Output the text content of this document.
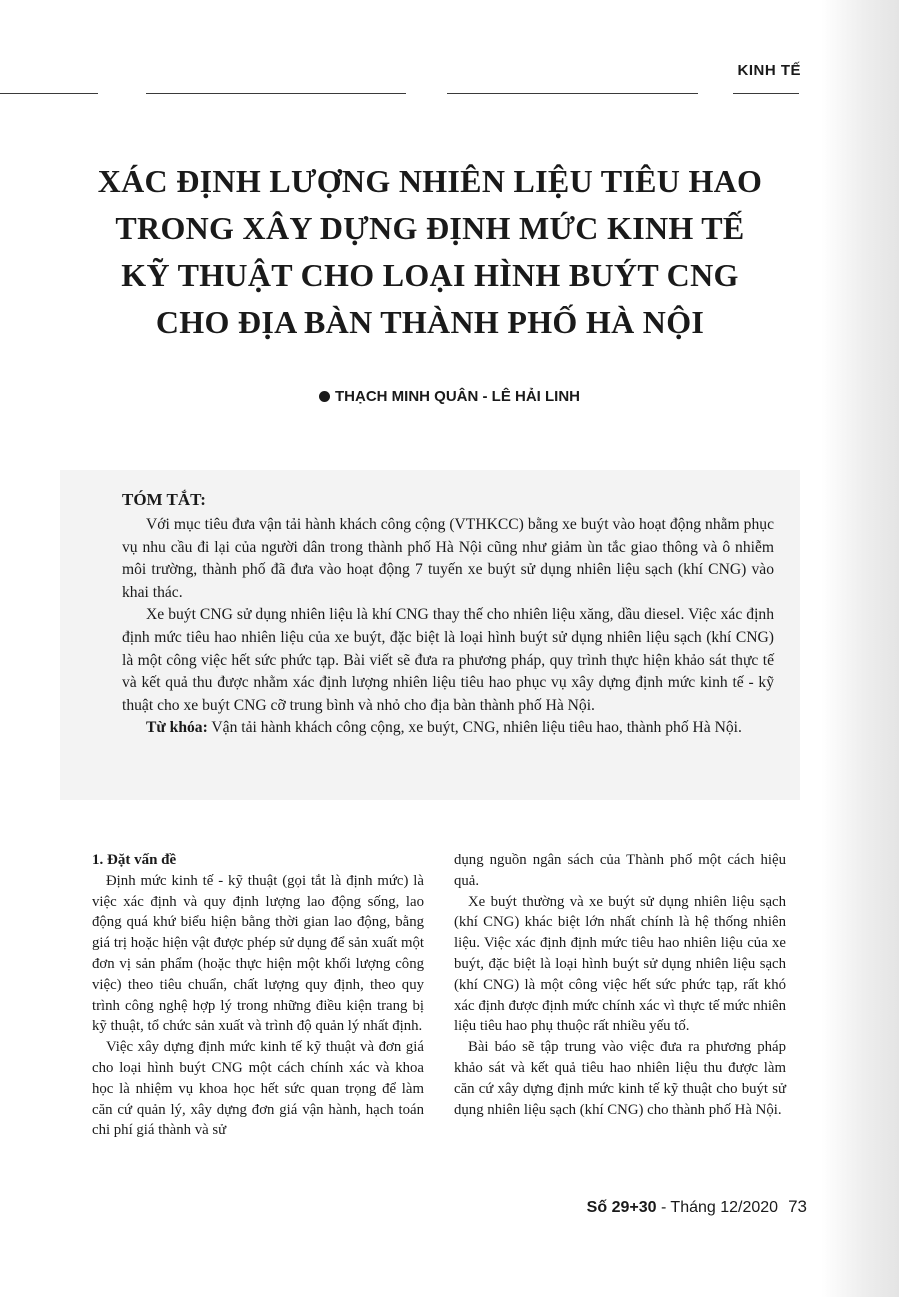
KINH TẾ
XÁC ĐỊNH LƯỢNG NHIÊN LIỆU TIÊU HAO
TRONG XÂY DỰNG ĐỊNH MỨC KINH TẾ
KỸ THUẬT CHO LOẠI HÌNH BUÝT CNG
CHO ĐỊA BÀN THÀNH PHỐ HÀ NỘI
THẠCH MINH QUÂN - LÊ HẢI LINH
TÓM TẮT:

Với mục tiêu đưa vận tải hành khách công cộng (VTHKCC) bằng xe buýt vào hoạt động nhằm phục vụ nhu cầu đi lại của người dân trong thành phố Hà Nội cũng như giảm ùn tắc giao thông và ô nhiễm môi trường, thành phố đã đưa vào hoạt động 7 tuyến xe buýt sử dụng nhiên liệu sạch (khí CNG) vào khai thác.

Xe buýt CNG sử dụng nhiên liệu là khí CNG thay thế cho nhiên liệu xăng, dầu diesel. Việc xác định định mức tiêu hao nhiên liệu của xe buýt, đặc biệt là loại hình buýt sử dụng nhiên liệu sạch (khí CNG) là một công việc hết sức phức tạp. Bài viết sẽ đưa ra phương pháp, quy trình thực hiện khảo sát thực tế và kết quả thu được nhằm xác định lượng nhiên liệu tiêu hao phục vụ xây dựng định mức kinh tế - kỹ thuật cho xe buýt CNG cỡ trung bình và nhỏ cho địa bàn thành phố Hà Nội.

Từ khóa: Vận tải hành khách công cộng, xe buýt, CNG, nhiên liệu tiêu hao, thành phố Hà Nội.

1. Đặt vấn đề

Định mức kinh tế - kỹ thuật (gọi tắt là định mức) là việc xác định và quy định lượng lao động sống, lao động quá khứ biểu hiện bằng thời gian lao động, bằng giá trị hoặc hiện vật được phép sử dụng để sản xuất một đơn vị sản phẩm (hoặc thực hiện một khối lượng công việc) theo tiêu chuẩn, chất lượng quy định, theo quy trình công nghệ hợp lý trong những điều kiện trang bị kỹ thuật, tổ chức sản xuất và trình độ quản lý nhất định.

Việc xây dựng định mức kinh tế kỹ thuật và đơn giá cho loại hình buýt CNG một cách chính xác và khoa học là nhiệm vụ khoa học hết sức quan trọng để làm căn cứ quản lý, xây dựng đơn giá vận hành, hạch toán chi phí giá thành và sử

dụng nguồn ngân sách của Thành phố một cách hiệu quả.

Xe buýt thường và xe buýt sử dụng nhiên liệu sạch (khí CNG) khác biệt lớn nhất chính là hệ thống nhiên liệu. Việc xác định định mức tiêu hao nhiên liệu của xe buýt, đặc biệt là loại hình buýt sử dụng nhiên liệu sạch (khí CNG) là một công việc hết sức phức tạp, rất khó xác định được định mức chính xác vì thực tế mức nhiên liệu tiêu hao phụ thuộc rất nhiều yếu tố.

Bài báo sẽ tập trung vào việc đưa ra phương pháp khảo sát và kết quả tiêu hao nhiên liệu thu được làm căn cứ xây dựng định mức kinh tế kỹ thuật cho buýt sử dụng nhiên liệu sạch (khí CNG) cho thành phố Hà Nội.

Số 29+30 - Tháng 12/2020 73
